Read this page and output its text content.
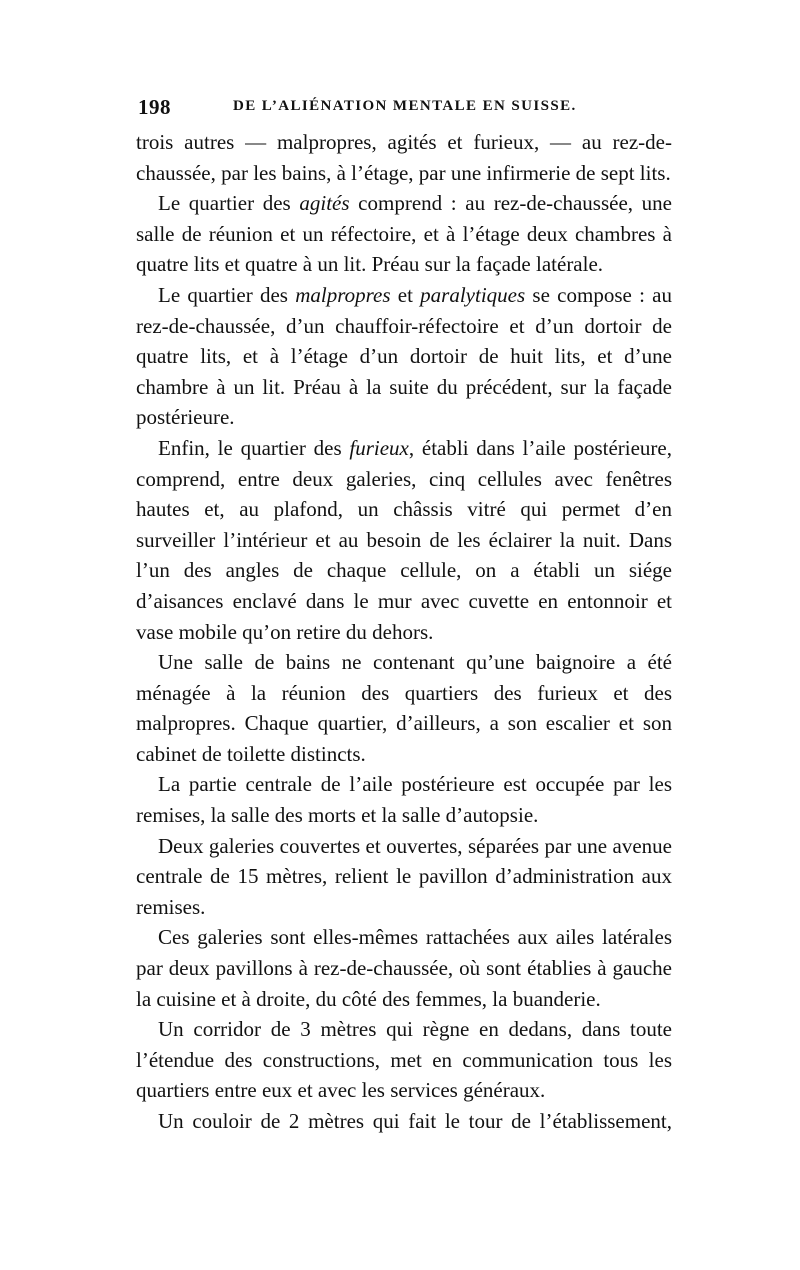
198	DE L’ALIÉNATION MENTALE EN SUISSE.

trois autres — malpropres, agités et furieux, — au rez-de-chaussée, par les bains, à l’étage, par une infirmerie de sept lits.

Le quartier des agités comprend : au rez-de-chaussée, une salle de réunion et un réfectoire, et à l’étage deux chambres à quatre lits et quatre à un lit. Préau sur la façade latérale.

Le quartier des malpropres et paralytiques se compose : au rez-de-chaussée, d’un chauffoir-réfectoire et d’un dortoir de quatre lits, et à l’étage d’un dortoir de huit lits, et d’une chambre à un lit. Préau à la suite du précédent, sur la façade postérieure.

Enfin, le quartier des furieux, établi dans l’aile postérieure, comprend, entre deux galeries, cinq cellules avec fenêtres hautes et, au plafond, un châssis vitré qui permet d’en surveiller l’intérieur et au besoin de les éclairer la nuit. Dans l’un des angles de chaque cellule, on a établi un siége d’aisances enclavé dans le mur avec cuvette en entonnoir et vase mobile qu’on retire du dehors.

Une salle de bains ne contenant qu’une baignoire a été ménagée à la réunion des quartiers des furieux et des malpropres. Chaque quartier, d’ailleurs, a son escalier et son cabinet de toilette distincts.

La partie centrale de l’aile postérieure est occupée par les remises, la salle des morts et la salle d’autopsie.

Deux galeries couvertes et ouvertes, séparées par une avenue centrale de 15 mètres, relient le pavillon d’administration aux remises.

Ces galeries sont elles-mêmes rattachées aux ailes latérales par deux pavillons à rez-de-chaussée, où sont établies à gauche la cuisine et à droite, du côté des femmes, la buanderie.

Un corridor de 3 mètres qui règne en dedans, dans toute l’étendue des constructions, met en communication tous les quartiers entre eux et avec les services généraux.

Un couloir de 2 mètres qui fait le tour de l’établissement,
